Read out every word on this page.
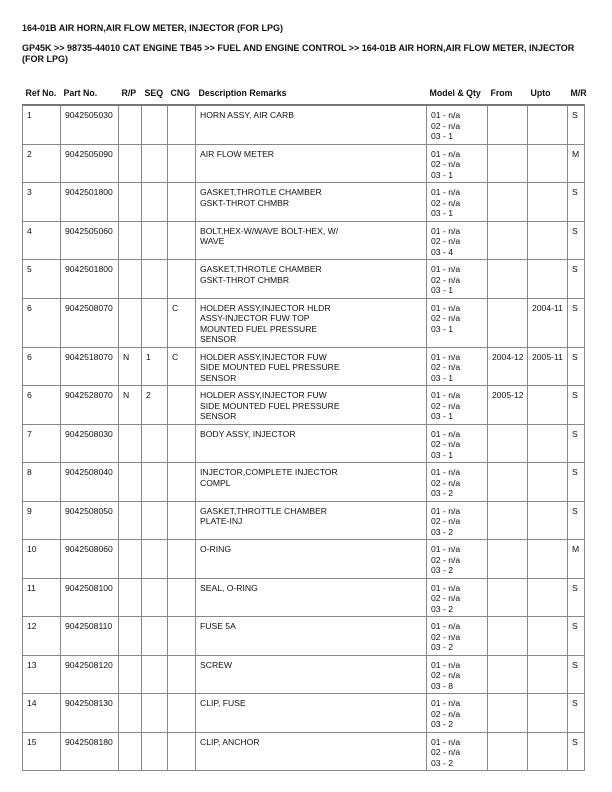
164-01B AIR HORN,AIR FLOW METER, INJECTOR (FOR LPG)
GP45K >> 98735-44010 CAT ENGINE TB45 >> FUEL AND ENGINE CONTROL >> 164-01B AIR HORN,AIR FLOW METER, INJECTOR (FOR LPG)
Ref No.	Part No.	R/P	SEQ	CNG	Description Remarks	Model & Qty	From	Upto	M/R
1	9042505030				HORN ASSY, AIR CARB	01 - n/a
02 - n/a
03 - 1			S
2	9042505090				AIR FLOW METER	01 - n/a
02 - n/a
03 - 1			M
3	9042501800				GASKET,THROTLE CHAMBER
GSKT-THROT CHMBR	01 - n/a
02 - n/a
03 - 1			S
4	9042505060				BOLT,HEX-W/WAVE BOLT-HEX, W/
WAVE	01 - n/a
02 - n/a
03 - 4			S
5	9042501800				GASKET,THROTLE CHAMBER
GSKT-THROT CHMBR	01 - n/a
02 - n/a
03 - 1			S
6	9042508070			C	HOLDER ASSY,INJECTOR HLDR
ASSY-INJECTOR FUW TOP
MOUNTED FUEL PRESSURE
SENSOR	01 - n/a
02 - n/a
03 - 1		2004-11	S
6	9042518070	N	1	C	HOLDER ASSY,INJECTOR FUW
SIDE MOUNTED FUEL PRESSURE
SENSOR	01 - n/a
02 - n/a
03 - 1	2004-12	2005-11	S
6	9042528070	N	2		HOLDER ASSY,INJECTOR FUW
SIDE MOUNTED FUEL PRESSURE
SENSOR	01 - n/a
02 - n/a
03 - 1	2005-12		S
7	9042508030				BODY ASSY, INJECTOR	01 - n/a
02 - n/a
03 - 1			S
8	9042508040				INJECTOR,COMPLETE INJECTOR
COMPL	01 - n/a
02 - n/a
03 - 2			S
9	9042508050				GASKET,THROTTLE CHAMBER
PLATE-INJ	01 - n/a
02 - n/a
03 - 2			S
10	9042508060				O-RING	01 - n/a
02 - n/a
03 - 2			M
11	9042508100				SEAL, O-RING	01 - n/a
02 - n/a
03 - 2			S
12	9042508110				FUSE 5A	01 - n/a
02 - n/a
03 - 2			S
13	9042508120				SCREW	01 - n/a
02 - n/a
03 - 8			S
14	9042508130				CLIP, FUSE	01 - n/a
02 - n/a
03 - 2			S
15	9042508180				CLIP, ANCHOR	01 - n/a
02 - n/a
03 - 2			S
